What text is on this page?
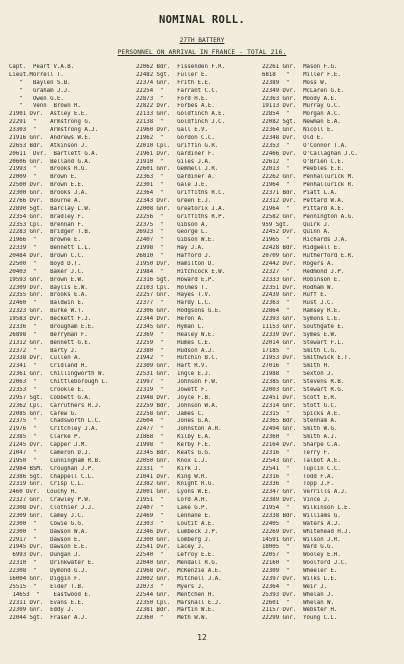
NOMINAL ROLL.
27TH BATTERY
PERSONNEL ON ARRIVAL IN FRANCE - TOTAL 216.
Capt.  Peart V.A.B.
Lieut.Morrell T.
"   Baylen S.B.
"   Graham J.J.
"   Owen G.E.
"   Venn  Brown R.
21901 Dvr.  Astley E.E.
22291  "    Armstrong G.
23303  "    Armstrong A.J.
21916 Gnr.  Andrews W.E.
22653 Bdr.  Atkinson J.
20611  Dvr.  Bartlett G.A.
20606 Gnr.  Belland G.A.
21993  "    Brooks R.G.
22009  "    Brown E.
22500 Dvr.  Brown E.E.
22300 Gnr.  Brooks J.A.
22766 Dvr.  Bourne A.
22890 Sgt.  Barclay L.W.
22354 Gnr.  Bradley F.
22353 Cpl.  Brennan F.
22283 Gnr.  Bridger T.B.
21966  "    Browne E.
22339  "    Bennett L.L.
20484 Dvr.  Brown C.C.
22500  "    Boyd D.T.
20403  "    Baker J.C.
19593 Gnr.  Brown E.W.
22309 Dvr.  Baylis E.W.
22355 Gnr.  Brooks E.A.
22460  "    Baldwin E.
22323 Gnr.  Burke W.T.
19583 Dvr.  Beckett F.J.
22336  "    Brougham E.E.
26898  "    Berryman F.
21312 Gnr.  Bennett G.E.
22372  "    Barty J.
22338 Dvr.  Cullen A.
22341  "    Cridland H.
22361 Gnr.  Chillingworth W.
22063  "    Chittleborough L.
22353  "    Crookle E.
22957 Sgt.  Cobbett G.A.
22362 Cpl.  Carruthers R.J.
22085 Gnr.  Carew G.
22375  "    Chadsworth L.C.
21976  "    Critchley J.A.
22385  "    Clarke P.
21245 Dvr.  Capper J.M.
21047  "    Cameron D.J.
21950  "    Cunningham R.B.
22984 BSM.  Croughan J.P.
22386 Sgt.  Chappell C.L.
22319 Gnr.  Crisp C.L.
2460 Dvr.  Couchy H.
22327 Gnr.  Crawley P.W.
22308 Dvr.  Clothier J.J.
22309 Gnr.  Camey J.C.
22300  "    Cowie G.G.
22300  "    Dawson W.A.
22917  "    Dawson E.
21945 Dvr.  Dawson E.E.
6993 Dvr.  Dungan J.
22310  "    Drinkwater E.
22308  "    Dymond G.J.
16004 Gnr.  Diggin F.
25515  "    Elder T.B.
14653  "    Eastwood E.
22311 Dvr.  Evans E.E.
22309 Gnr.  Eddy J.
22044 Sgt.  Fraser A.J.
22062 Bdr.  Fissenden F.R.
22482 Sgt.  Fuller E.
22374 Gnr.  Frith E.E.
22254  "    Farrant C.C.
22873  "    Ford H.E.
22822 Dvr.  Forbes A.E.
22133 Gnr.  Goldfinch A.E.
22138  "    Goldfinch J.C.
21960 Dvr.  Gall E.V.
21962  "    Gordon C.C.
22010 Cpl.  Griffin G.R.
21961 Dvr.  Gardiner F.
21910  "    Giles J.A.
22601 Gnr.  Gemmell J.R.
22363  "    Gardiner A.
22301  "    Gale J.E.
22364  "    Griffiths R.C.
22343 Dvr.  Green E.J.
22008 Gnr.  Greatorix J.A.
22256  "    Griffiths R.P.
22375  "    Gibson A.
26923  "    George L.
22407  "    Gibson W.E.
21998  "    Hay J.A.
26810  "    Hafford J.
21950 Dvr.  Hamilton D.
21984  "    Hitchcock E.W.
22316 Sgt.  Howard E.P.
22103 Cpl.  Holmes T.
22257 Gnr.  Hayes T.V.
22377  "    Hardy L.C.
22306 Gnr.  Hodgsons G.E.
22344 Dvr.  Heron A.
22345 Gnr.  Hyman L.
22369  "    Healey W.E.
22259  "    Humes C.E.
22380  "    Hudson A.J.
21942  "    Hutchin B.C.
22309 Gnr.  Hart R.V.
22531 Gnr.  Ingle E.J.
21997  "    Johnson F.W.
22319  "    Jowett F.
21948 Dvr.  Joyce F.B.
22259 Bdr.  Johnson W.A.
22258 Gnr.  James C.
22604  "    Jones G.A.
22477  "    Johnston A.R.
21868  "    Kilby E.A.
21998  "    Kerby F.E.
22345 Bdr.  Keats G.G.
22050 Gnr.  Knox L.J.
22331  "    Kirk J.
21041 Dvr.  King W.R.
22382 Gnr.  Knight R.G.
22001 Gnr.  Lyons W.E.
21951  "    Lord A.H.
22407  "    Lake G.P.
22469  "    Lennane E.
22303  "    Loutit A.E.
22346 Dvr.  Lumbeck J.P.
22300 Gnr.  Lomberg J.
22541 Dvr.  Lacey J.
22540  "    Lefroy E.E.
22040 Gnr.  Mendall R.G.
21968 Dvr.  McKenzie A.E.
22002 Gnr.  Mitchell J.A.
22073  "    Myers J.
22544 Gnr.  Mentchen H.
22350 Cpl.  Marshall E.J.
22381 Bdr.  Martin W.E.
22360  "    Meth W.W.
22261 Gnr.  Mason F.G.
6818   "    Miller F.E.
22389  "    Moss W.
22349 Dvr.  McLaren G.E.
22363 Gnr.  Moody A.E.
19113 Dvr.  Murray G.C.
22854  "    Morgan A.C.
22082 Sgt.  Newman E.A.
22364 Gnr.  Nicoll E.
22348 Dvr.  Old E.
22353  "    O'Connor T.A.
22466 Dvr.  O'Callaghan J.C.
22612  "    O'Brien C.E.
22013  "    Peebles E.E.
22262 Gnr.  Penhallurick M.
21964  "    Penhallurick R.
22371 Bdr.  Piatt L.A.
22312 Dvr.  Pettard W.A.
21964  "    Pittard A.E.
22582 Gnr.  Pennington A.G.
959 Sgt.    Quirk J.
22452 Dvr.  Quinn A.
21965  "    Richards J.A.
22428 Bdr.  Ridgwell E.
20709 Gnr.  Rutherford E.R.
22442 Dvr.  Rogers A.
22327  "    Redmond J.P.
22333 Gnr.  Robinson E.
22351 Dvr.  Rodham W.
22439 Gnr.  Ruff E.
22363  "    Rust J.C.
22864  "    Ramsey R.E.
22393 Gnr.  Symons L.E.
11153 Gnr.  Southgate E.
22339 Dvr.  Symes E.W.
22014 Gnr.  Stewart F.L.
17185  "    Smith C.G.
21953 Dvr.  Smithwick E.T.
27016  "    Smith H.
21988  "    Sexton J.
22385 Gnr.  Stevens R.B.
22003 Gnr.  Stewart R.G.
22451 Dvr.  Scott E.R.
22314 Gnr.  Stott G.C.
22315  "    Spicks A.E.
22365 Bdr.  Stenham A.
22494 Gnr.  Smith W.G.
22360  "    Smith A.J.
22164 Dvr.  Sharpe C.A.
22316  "    Terry F.
22543 Gnr.  Talbot A.E.
22541  "    Tuplin C.C.
22316  "    Todd F.A.
22336  "    Topp J.F.
22347 Gnr.  Verrills A.J.
22389 Dvr.  Vince J.
21954  "    Wilkinson L.E.
22338 Bdr.  Williams G.
22405  "    Waters A.J.
22269 Dvr.  Whitehead H.J.
14591 Gnr.  Wilson J.R.
18005  "    Ward G.G.
22057  "    Wooley E.H.
22160  "    Woolford J.C.
22309  "    Wheeler E.
22397 Dvr.  Wilks L.E.
22364  "    Weir J.
25393 Dvr.  Whelan J.
22601  "    Whelan W.
21157 Dvr.  Webster H.
22299 Gnr.  Young C.L.
12
